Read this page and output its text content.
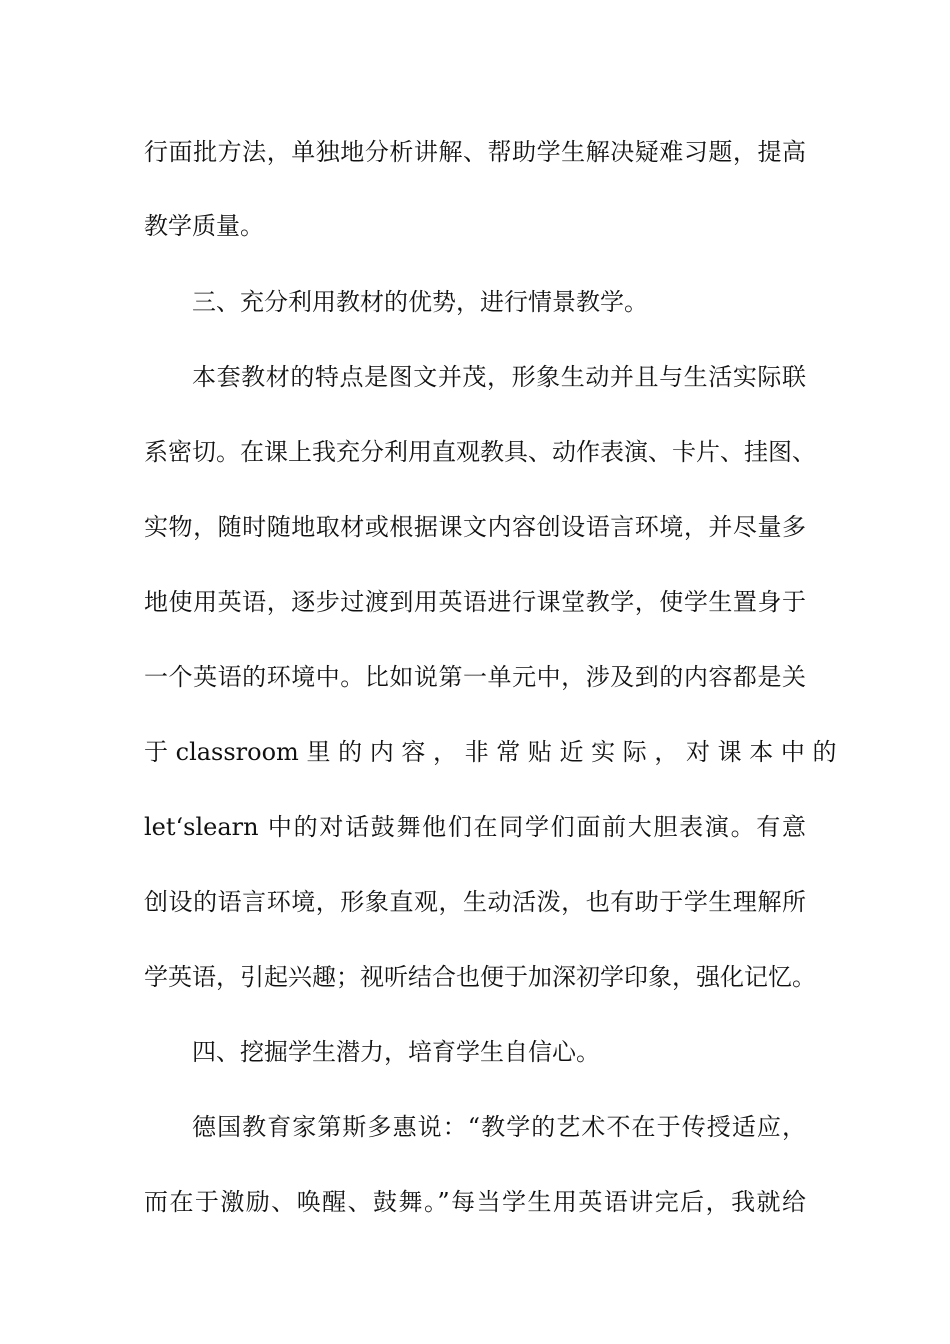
行面批方法，单独地分析讲解、帮助学生解决疑难习题，提高
教学质量。
三、充分利用教材的优势，进行情景教学。
本套教材的特点是图文并茂，形象生动并且与生活实际联
系密切。在课上我充分利用直观教具、动作表演、卡片、挂图、
实物，随时随地取材或根据课文内容创设语言环境，并尽量多
地使用英语，逐步过渡到用英语进行课堂教学，使学生置身于
一个英语的环境中。比如说第一单元中，涉及到的内容都是关
于 classroom 里 的 内 容 ， 非 常 贴 近 实 际 ， 对 课 本 中 的
let‘slearn 中的对话鼓舞他们在同学们面前大胆表演。有意
创设的语言环境，形象直观，生动活泼，也有助于学生理解所
学英语，引起兴趣；视听结合也便于加深初学印象，强化记忆。
四、挖掘学生潜力，培育学生自信心。
德国教育家第斯多惠说：“教学的艺术不在于传授适应，
而在于激励、唤醒、鼓舞。”每当学生用英语讲完后，我就给
